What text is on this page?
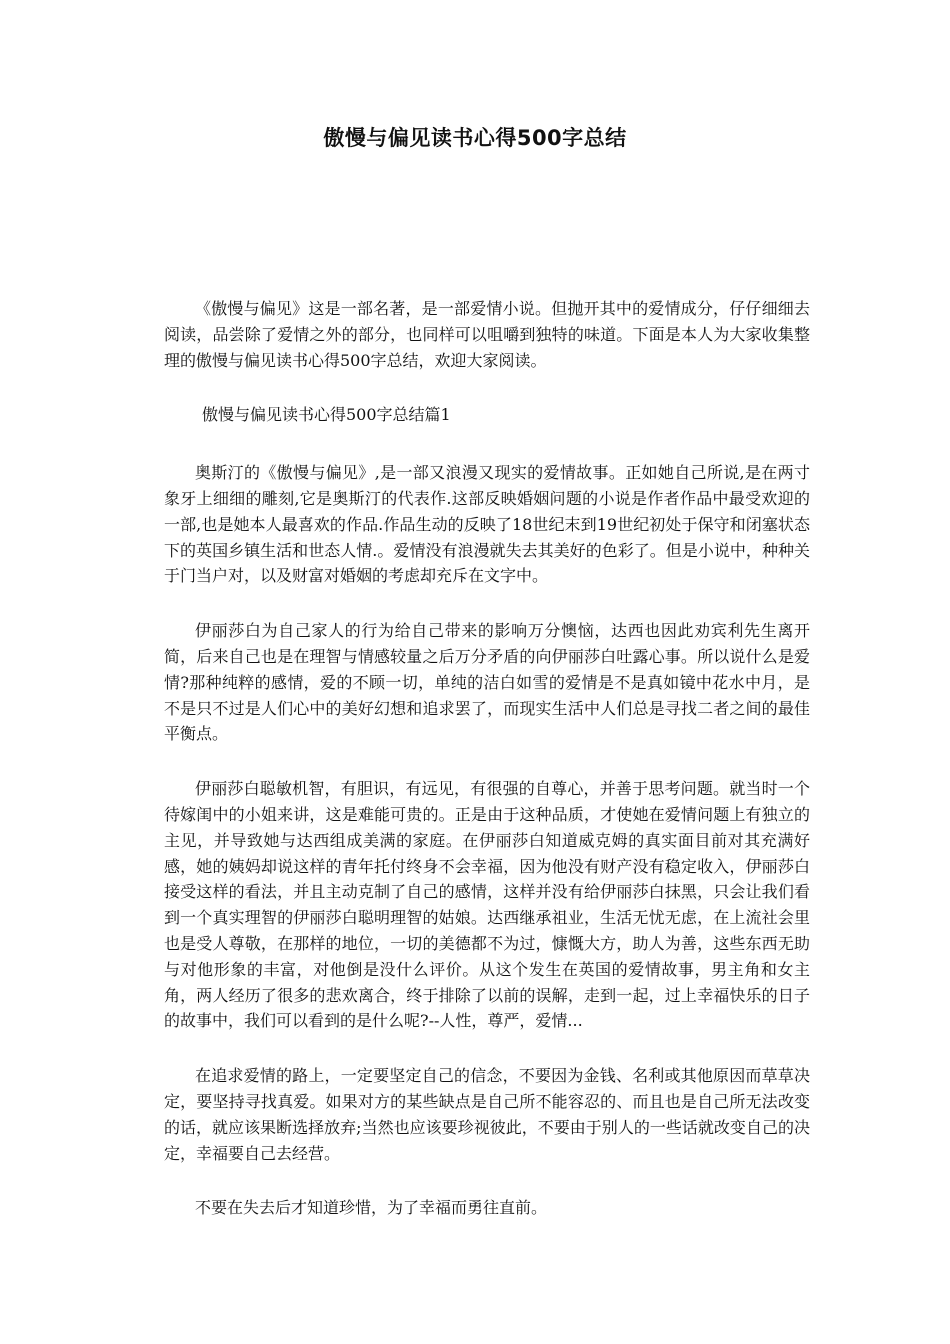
傲慢与偏见读书心得500字总结

《傲慢与偏见》这是一部名著，是一部爱情小说。但抛开其中的爱情成分，仔仔细细去阅读，品尝除了爱情之外的部分，也同样可以咀嚼到独特的味道。下面是本人为大家收集整理的傲慢与偏见读书心得500字总结，欢迎大家阅读。

傲慢与偏见读书心得500字总结篇1

奥斯汀的《傲慢与偏见》,是一部又浪漫又现实的爱情故事。正如她自己所说,是在两寸象牙上细细的雕刻,它是奥斯汀的代表作.这部反映婚姻问题的小说是作者作品中最受欢迎的一部,也是她本人最喜欢的作品.作品生动的反映了18世纪末到19世纪初处于保守和闭塞状态下的英国乡镇生活和世态人情.。爱情没有浪漫就失去其美好的色彩了。但是小说中，种种关于门当户对，以及财富对婚姻的考虑却充斥在文字中。

伊丽莎白为自己家人的行为给自己带来的影响万分懊恼，达西也因此劝宾利先生离开简，后来自己也是在理智与情感较量之后万分矛盾的向伊丽莎白吐露心事。所以说什么是爱情?那种纯粹的感情，爱的不顾一切，单纯的洁白如雪的爱情是不是真如镜中花水中月，是不是只不过是人们心中的美好幻想和追求罢了，而现实生活中人们总是寻找二者之间的最佳平衡点。

伊丽莎白聪敏机智，有胆识，有远见，有很强的自尊心，并善于思考问题。就当时一个待嫁闺中的小姐来讲，这是难能可贵的。正是由于这种品质，才使她在爱情问题上有独立的主见，并导致她与达西组成美满的家庭。在伊丽莎白知道威克姆的真实面目前对其充满好感，她的姨妈却说这样的青年托付终身不会幸福，因为他没有财产没有稳定收入，伊丽莎白接受这样的看法，并且主动克制了自己的感情，这样并没有给伊丽莎白抹黑，只会让我们看到一个真实理智的伊丽莎白聪明理智的姑娘。达西继承祖业，生活无忧无虑，在上流社会里也是受人尊敬，在那样的地位，一切的美德都不为过，慷慨大方，助人为善，这些东西无助与对他形象的丰富，对他倒是没什么评价。从这个发生在英国的爱情故事，男主角和女主角，两人经历了很多的悲欢离合，终于排除了以前的误解，走到一起，过上幸福快乐的日子的故事中，我们可以看到的是什么呢?--人性，尊严，爱情...

在追求爱情的路上，一定要坚定自己的信念，不要因为金钱、名利或其他原因而草草决定，要坚持寻找真爱。如果对方的某些缺点是自己所不能容忍的、而且也是自己所无法改变的话，就应该果断选择放弃;当然也应该要珍视彼此，不要由于别人的一些话就改变自己的决定，幸福要自己去经营。

不要在失去后才知道珍惜，为了幸福而勇往直前。
